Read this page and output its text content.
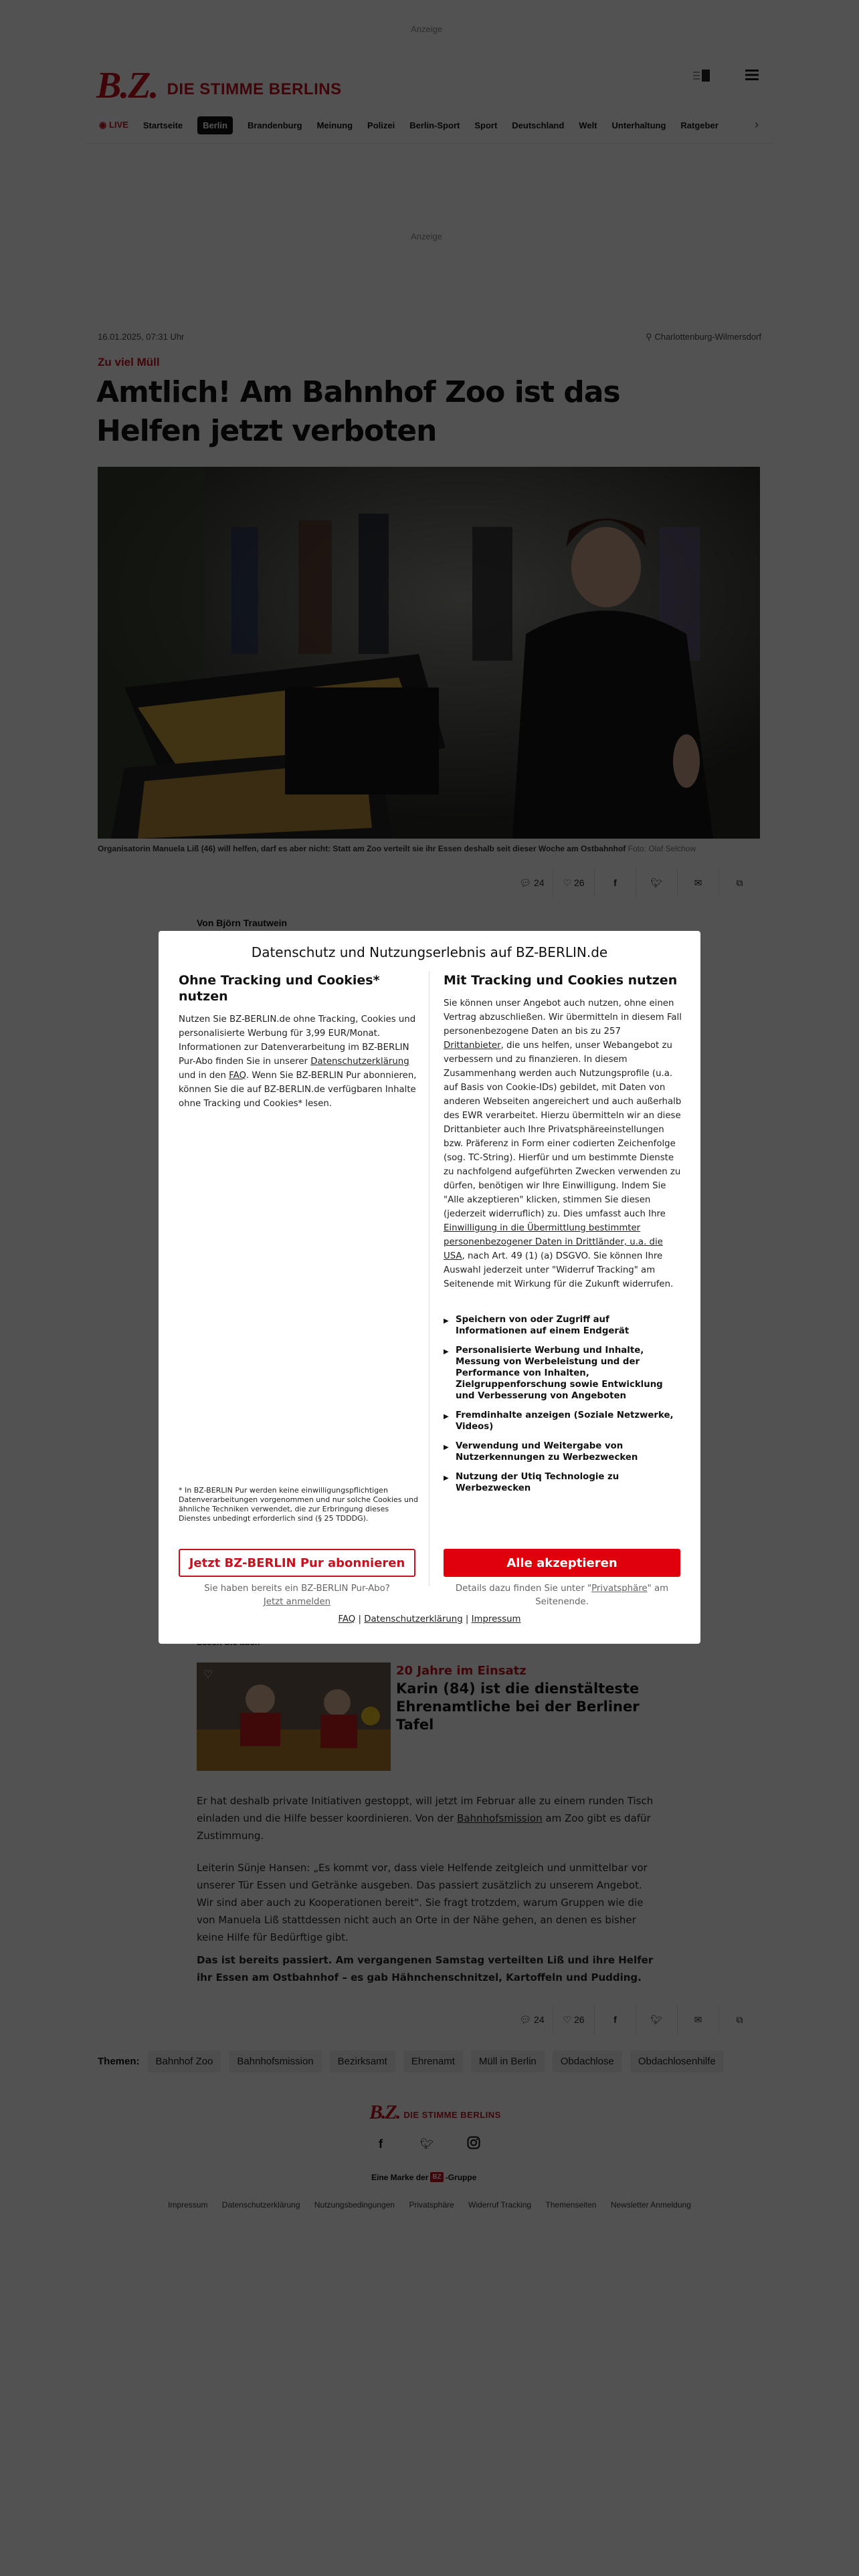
Datenschutz und Nutzungserlebnis auf BZ-BERLIN.de
Ohne Tracking und Cookies* nutzen

Nutzen Sie BZ-BERLIN.de ohne Tracking, Cookies und personalisierte Werbung für 3,99 EUR/Monat. Informationen zur Datenverarbeitung im BZ-BERLIN Pur-Abo finden Sie in unserer Datenschutzerklärung und in den FAQ. Wenn Sie BZ-BERLIN Pur abonnieren, können Sie die auf BZ-BERLIN.de verfügbaren Inhalte ohne Tracking und Cookies* lesen.

* In BZ-BERLIN Pur werden keine einwilligungspflichtigen Datenverarbeitungen vorgenommen und nur solche Cookies und ähnliche Techniken verwendet, die zur Erbringung dieses Dienstes unbedingt erforderlich sind (§ 25 TDDDG).
Jetzt BZ-BERLIN Pur abonnieren
Sie haben bereits ein BZ-BERLIN Pur-Abo?
Jetzt anmelden
Mit Tracking und Cookies nutzen

Sie können unser Angebot auch nutzen, ohne einen Vertrag abzuschließen. Wir übermitteln in diesem Fall personenbezogene Daten an bis zu 257 Drittanbieter, die uns helfen, unser Webangebot zu verbessern und zu finanzieren. In diesem Zusammenhang werden auch Nutzungsprofile (u.a. auf Basis von Cookie-IDs) gebildet, mit Daten von anderen Webseiten angereichert und auch außerhalb des EWR verarbeitet. Hierzu übermitteln wir an diese Drittanbieter auch Ihre Privatsphäreeinstellungen bzw. Präferenz in Form einer codierten Zeichenfolge (sog. TC-String). Hierfür und um bestimmte Dienste zu nachfolgend aufgeführten Zwecken verwenden zu dürfen, benötigen wir Ihre Einwilligung. Indem Sie "Alle akzeptieren" klicken, stimmen Sie diesen (jederzeit widerruflich) zu. Dies umfasst auch Ihre Einwilligung in die Übermittlung bestimmter personenbezogener Daten in Drittländer, u.a. die USA, nach Art. 49 (1) (a) DSGVO. Sie können Ihre Auswahl jederzeit unter "Widerruf Tracking" am Seitenende mit Wirkung für die Zukunft widerrufen.

▶ Speichern von oder Zugriff auf Informationen auf einem Endgerät
▶ Personalisierte Werbung und Inhalte, Messung von Werbeleistung und der Performance von Inhalten, Zielgruppenforschung sowie Entwicklung und Verbesserung von Angeboten
▶ Fremdinhalte anzeigen (Soziale Netzwerke, Videos)
▶ Verwendung und Weitergabe von Nutzerkennungen zu Werbezwecken
▶ Nutzung der Utiq Technologie zu Werbezwecken
Alle akzeptieren
Details dazu finden Sie unter "Privatsphäre" am Seitenende.
FAQ | Datenschutzerklärung | Impressum
